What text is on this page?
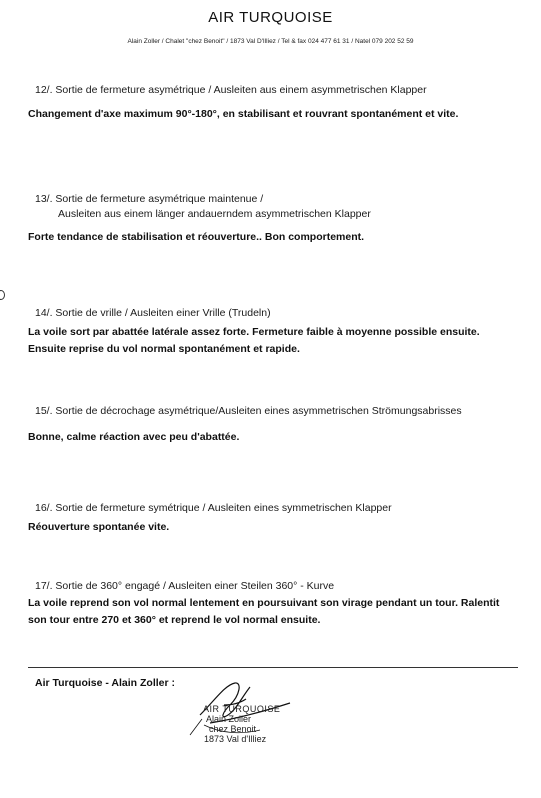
AIR TURQUOISE
Alain Zoller / Chalet "chez Benoit" / 1873 Val D'Illiez / Tel & fax 024 477 61 31 / Natel 079 202 52 59
12/. Sortie de fermeture asymétrique / Ausleiten aus einem asymmetrischen Klapper
Changement d'axe maximum 90°-180°, en stabilisant et rouvrant spontanément et vite.
13/. Sortie de fermeture asymétrique maintenue /
Ausleiten aus einem länger andauerndem asymmetrischen Klapper
Forte tendance de stabilisation et réouverture.. Bon comportement.
14/. Sortie de vrille / Ausleiten einer Vrille (Trudeln)
La voile sort par abattée latérale assez forte. Fermeture faible à moyenne possible ensuite. Ensuite reprise du vol normal spontanément et rapide.
15/. Sortie de décrochage asymétrique/Ausleiten eines asymmetrischen Strömungsabrisses
Bonne, calme réaction avec peu d'abattée.
16/. Sortie de fermeture symétrique / Ausleiten eines symmetrischen Klapper
Réouverture spontanée vite.
17/. Sortie de 360° engagé / Ausleiten einer Steilen 360° - Kurve
La voile reprend son vol normal lentement en poursuivant son virage pendant un tour. Ralentit son tour entre 270 et 360° et reprend le vol normal ensuite.
Air Turquoise - Alain Zoller :
AIR TURQUOISE
Alain Zoller
chez Benoit
1873 Val d'Illiez
